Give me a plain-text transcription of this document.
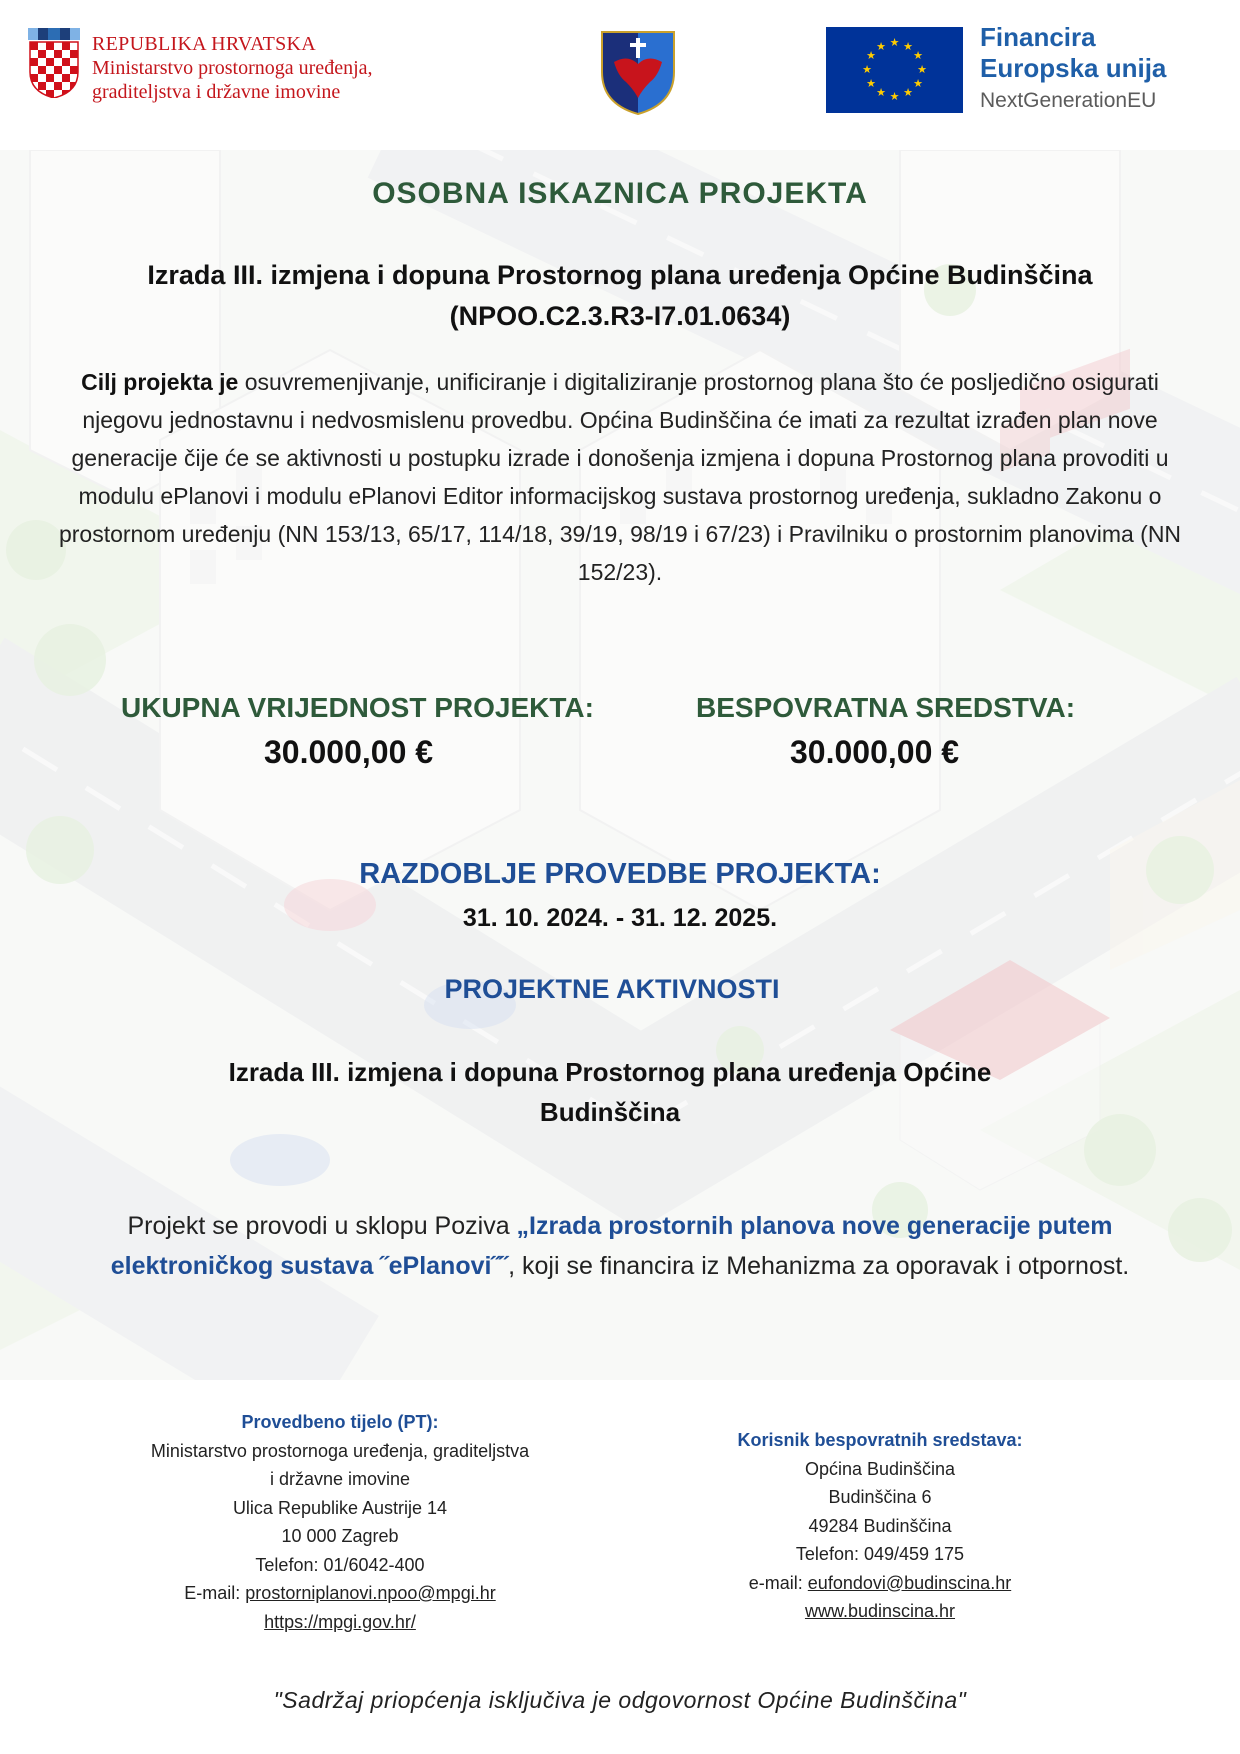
REPUBLIKA HRVATSKA
Ministarstvo prostornoga uređenja,
graditeljstva i državne imovine
★ ★
★
★
★
★
★
★
★
★
★
★	Financira
Europska unija
NextGenerationEU
OSOBNA ISKAZNICA PROJEKTA
Izrada III. izmjena i dopuna Prostornog plana uređenja Općine Budinščina
(NPOO.C2.3.R3-I7.01.0634)
Cilj projekta je osuvremenjivanje, unificiranje i digitaliziranje prostornog plana što će posljedično osigurati njegovu jednostavnu i nedvosmislenu provedbu. Općina Budinščina će imati za rezultat izrađen plan nove generacije čije će se aktivnosti u postupku izrade i donošenja izmjena i dopuna Prostornog plana provoditi u modulu ePlanovi i modulu ePlanovi Editor informacijskog sustava prostornog uređenja, sukladno Zakonu o prostornom uređenju (NN 153/13, 65/17, 114/18, 39/19, 98/19 i 67/23) i Pravilniku o prostornim planovima (NN 152/23).
UKUPNA VRIJEDNOST PROJEKTA:
30.000,00 €
BESPOVRATNA SREDSTVA:
30.000,00 €
RAZDOBLJE PROVEDBE PROJEKTA:
31. 10. 2024. - 31. 12. 2025.
PROJEKTNE AKTIVNOSTI
Izrada III. izmjena i dopuna Prostornog plana uređenja Općine
Budinščina
Projekt se provodi u sklopu Poziva „Izrada prostornih planova nove generacije putem elektroničkog sustava ˝ePlanovi˝˝, koji se financira iz Mehanizma za oporavak i otpornost.
Provedbeno tijelo (PT):
Ministarstvo prostornoga uređenja, graditeljstva
i državne imovine
Ulica Republike Austrije 14
10 000 Zagreb
Telefon: 01/6042-400
E-mail: prostorniplanovi.npoo@mpgi.hr
https://mpgi.gov.hr/
Korisnik bespovratnih sredstava:
Općina Budinščina
Budinščina 6
49284 Budinščina
Telefon: 049/459 175
e-mail: eufondovi@budinscina.hr
www.budinscina.hr
"Sadržaj priopćenja isključiva je odgovornost Općine Budinščina"
